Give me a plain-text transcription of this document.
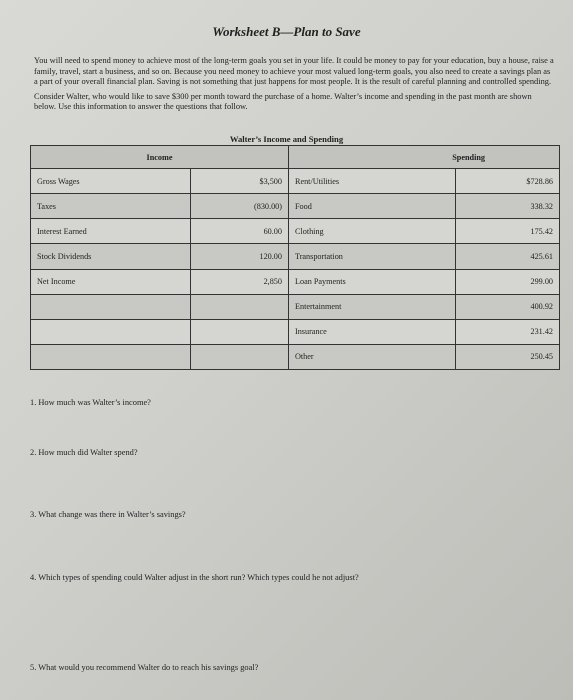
Worksheet B—Plan to Save

You will need to spend money to achieve most of the long-term goals you set in your life. It could be money to pay for your education, buy a house, raise a family, travel, start a business, and so on. Because you need money to achieve your most valued long-term goals, you also need to create a savings plan as a part of your overall financial plan. Saving is not something that just happens for most people. It is the result of careful planning and controlled spending.

Consider Walter, who would like to save $300 per month toward the purchase of a home. Walter’s income and spending in the past month are shown below. Use this information to answer the questions that follow.

Walter’s Income and Spending
Income		Spending	
Gross Wages	$3,500	Rent/Utilities	$728.86
Taxes	(830.00)	Food	338.32
Interest Earned	60.00	Clothing	175.42
Stock Dividends	120.00	Transportation	425.61
Net Income	2,850	Loan Payments	299.00
		Entertainment	400.92
		Insurance	231.42
		Other	250.45
1. How much was Walter’s income?
2. How much did Walter spend?
3. What change was there in Walter’s savings?
4. Which types of spending could Walter adjust in the short run? Which types could he not adjust?
5. What would you recommend Walter do to reach his savings goal?
